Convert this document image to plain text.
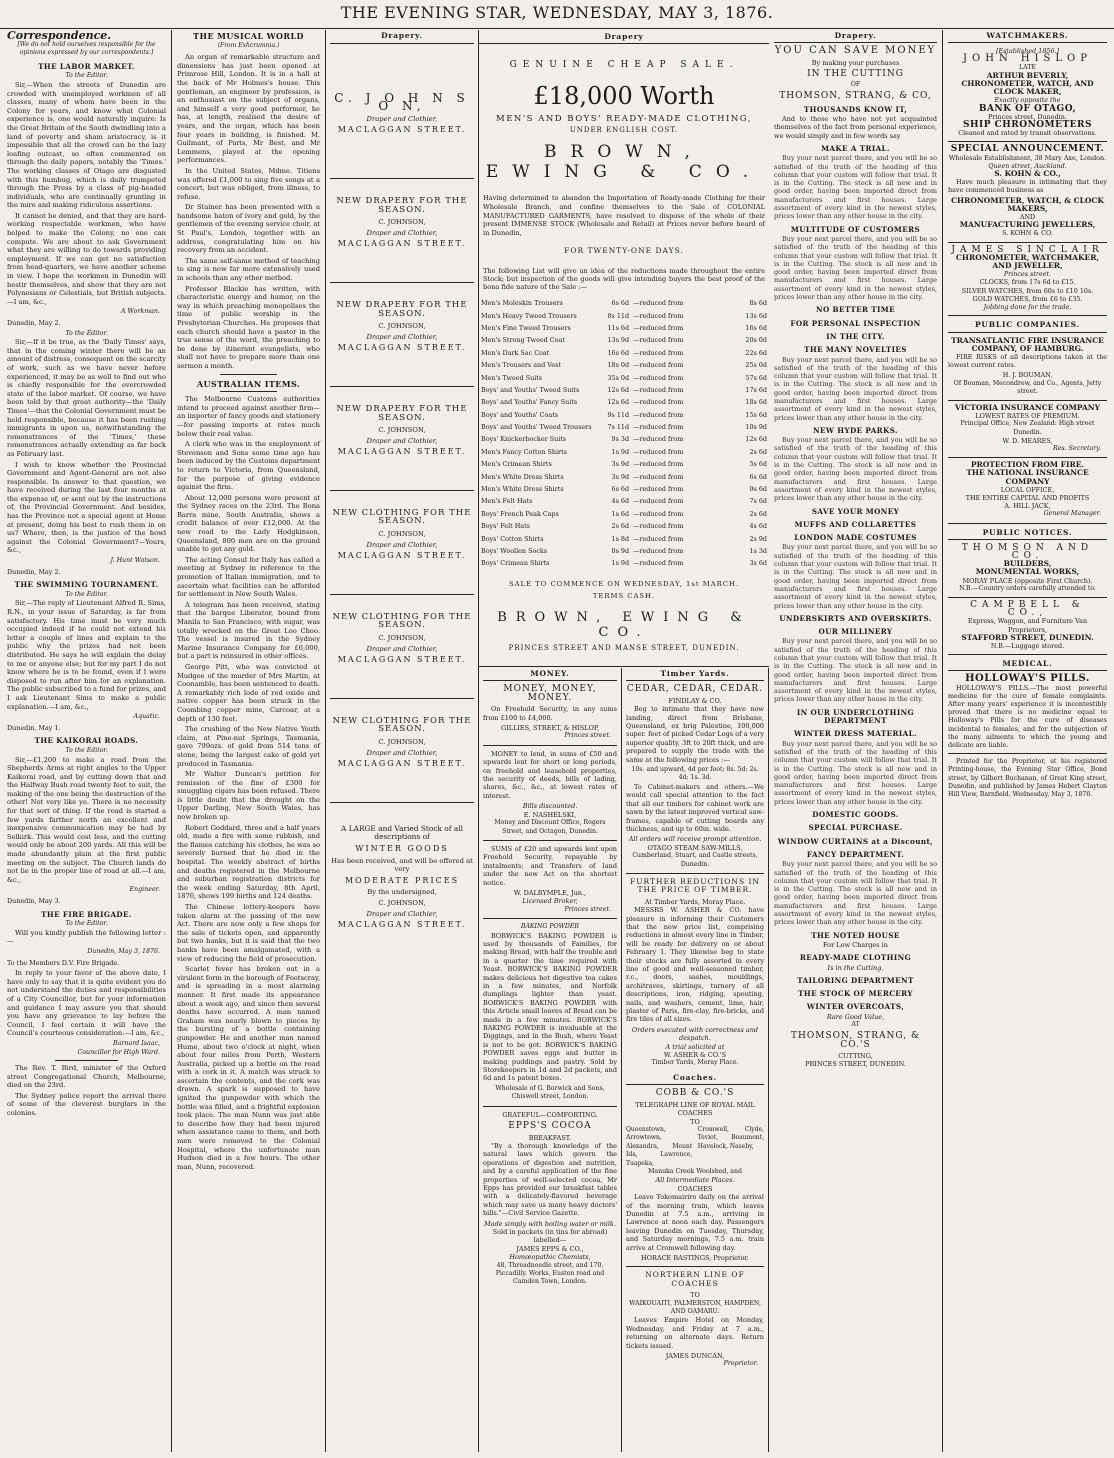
THE EVENING STAR, WEDNESDAY, MAY 3, 1876.
Correspondence.
[We do not hold ourselves responsible for the opinions expressed by our correspondents.]
THE LABOR MARKET.
To the Editor.

Sir,—When the streets of Dunedin are crowded with unemployed workmen of all classes, many of whom have been in the Colony for years, and know what Colonial experience is, one would naturally inquire: Is the Great Britain of the South dwindling into a land of poverty and sham aristocracy, is it impossible that all the crowd can be the lazy loafing outcast, so often commented on through the daily papers, notably the 'Times.' The working classes of Otago are disgusted with this humbug, which is daily trumpeted through the Press by a class of pig-headed individuals, who are continually grunting in the mire and making ridiculous assertions.

It cannot be denied, and that they are hard-working respectable workmen, who have helped to make the Colony, no one can compute. We are about to ask Government what they are willing to do towards providing employment. If we can get no satisfaction from head-quarters, we have another scheme in view. I hope the workmen in Dunedin will bestir themselves, and show that they are not Polynesians or Celestials, but British subjects.—I am, &c.,

A Workman.
Dunedin, May 2.
To the Editor.

Sir,—If it be true, as the 'Daily Times' says, that in the coming winter there will be an amount of distress, consequent on the scarcity of work, such as we have never before experienced, it may be as well to find out who is chiefly responsible for the overcrowded state of the labor market. Of course, we have been told by that great authority—the 'Daily Times'—that the Colonial Government must be held responsible, because it has been rushing immigrants in upon us, notwithstanding the remonstrances of the 'Times,' these remonstrances actually extending as far back as February last.

I wish to know whether the Provincial Government and Agent-General are not also responsible. In answer to that question, we have received during the last four months at the expense of, or sent out by the instructions of, the Provincial Government. And besides, has the Province not a special agent at Home at present, doing his best to rush them in on us? Where, then, is the justice of the howl against the Colonial Government?—Yours, &c.,

J. Hunt Watson.
Dunedin, May 2.
THE SWIMMING TOURNAMENT.
To the Editor.

Sir,—The reply of Lieutenant Alfred R. Sims, R.N., in your issue of Saturday, is far from satisfactory. His time must be very much occupied indeed if he could not extend his letter a couple of lines and explain to the public why the prizes had not been distributed. He says he will explain the delay to me or anyone else; but for my part I do not know where he is to be found, even if I were disposed to run after him for an explanation. The public subscribed to a fund for prizes, and I ask Lieutenant Sims to make a public explanation.—I am, &c.,

Aquatic.
Dunedin, May 1.
THE KAIKORAI ROADS.
To the Editor.

Sir,—£1,200 to make a road from the Shepherds Arms at right angles to the Upper Kaikorai road, and by cutting down that and the Halfway Bush road twenty feet to suit, the making of the one being the destruction of the other! Not very like ye. There is no necessity for that sort of thing. If the road is started a few yards farther north an excellent and inexpensive communication may be had by Selkirk. This would cost less, and the cutting would only be about 200 yards. All this will be made abundantly plain at the first public meeting on the subject. The Church lands do not lie in the proper line of road at all.—I am, &c.,

Engineer.
Dunedin, May 3.
THE FIRE BRIGADE.
To the Editor.

Will you kindly publish the following letter :—

Dunedin, May 3, 1876.
To the Members D.V. Fire Brigade.

In reply to your favor of the above date, I have only to say that it is quite evident you do not understand the duties and responsibilities of a City Councillor, but for your information and guidance I may assure you that should you have any grievance to lay before the Council, I feel certain it will have the Council's courteous consideration.—I am, &c.,

Barnard Isaac,
Councillor for High Ward.

The Rev. T. Bird, minister of the Oxford street Congregational Church, Melbourne, died on the 23rd.

The Sydney police report the arrival there of some of the cleverest burglars in the colonies.

THE MUSICAL WORLD
(From Exhcrumnia.)

An organ of remarkable structure and dimensions has just been opened at Primrose Hill, London. It is in a hall at the back of Mr Holmes's house. This gentleman, an engineer by profession, is an enthusiast on the subject of organs, and himself a very good performer, he has, at length, realised the desire of years, and the organ, which has been four years in building, is finished. M. Guilmant, of Paris, Mr Best, and Mr Lemmens, played at the opening performances.

In the United States, Mdme. Titiens was offered £1,000 to sing five songs at a concert, but was obliged, from illness, to refuse.

Dr Stainer has been presented with a handsome baton of ivory and gold, by the gentlemen of the evening service choir, at St Paul's, London, together with an address, congratulating him on his recovery from an accident.

The same self-same method of teaching to sing is now far more extensively used in schools than any other method.

Professor Blackie has written, with characteristic energy and humor, on the way in which preaching monopolises the time of public worship in the Presbyterian Churches. He proposes that each church should have a pastor in the true sense of the word, the preaching to be done by itinerant evangelists, who shall not have to prepare more than one sermon a month.

AUSTRALIAN ITEMS.

The Melbourne Customs authorities intend to proceed against another firm—an importer of fancy goods and stationery—for passing imports at rates much below their real value.

A clerk who was in the employment of Stevenson and Sons some time ago has been induced by the Customs department to return to Victoria, from Queensland, for the purpose of giving evidence against the firm.

About 12,000 persons were present at the Sydney races on the 23rd. The Bona Barra mine, South Australia, shows a credit balance of over £12,000. At the new road to the Lady Hodgkinson, Queensland, 800 men are on the ground unable to get any gold.

The acting Consul for Italy has called a meeting at Sydney in reference to the promotion of Italian immigration, and to ascertain what facilities can be afforded for settlement in New South Wales.

A telegram has been received, stating that the barque Liberator, bound from Manila to San Francisco, with sugar, was totally wrecked on the Great Loo Choo. The vessel is insured in the Sydney Marine Insurance Company for £6,000, but a part is reinsured in other offices.

George Pitt, who was convicted at Mudgee of the murder of Mrs Martin, at Coonamble, has been sentenced to death. A remarkably rich lode of red oxide and native copper has been struck in the Coombing copper mine, Carcoar, at a depth of 130 feet.

The crushing of the New Native Youth claim, at Pine-nut Springs, Tasmania, gave 799ozs. of gold from 514 tons of stone, being the largest cake of gold yet produced in Tasmania.

Mr Walter Duncan's petition for remission of the fine of £300 for smuggling cigars has been refused. There is little doubt that the drought on the Upper Darling, New South Wales, has now broken up.

Robert Goddard, three and a half years old, made a fire with some rubbish, and the flames catching his clothes, he was so severely burned that he died in the hospital. The weekly abstract of births and deaths registered in the Melbourne and suburban registration districts for the week ending Saturday, 8th April, 1876, shows 199 births and 124 deaths.

The Chinese lottery-keepers have taken alarm at the passing of the new Act. There are now only a few shops for the sale of tickets open, and apparently but two banks, but it is said that the two banks have been amalgamated, with a view of reducing the field of prosecution.

Scarlet fever has broken out in a virulent form in the borough of Footscray, and is spreading in a most alarming manner. It first made its appearance about a week ago, and since then several deaths have occurred. A man named Graham was nearly blown to pieces by the bursting of a bottle containing gunpowder. He and another man named Hume, about two o'clock at night, when about four miles from Perth, Western Australia, picked up a bottle on the road with a cork in it. A match was struck to ascertain the contents, and the cork was drawn. A spark is supposed to have ignited the gunpowder with which the bottle was filled, and a frightful explosion took place. The man Nunn was just able to describe how they had been injured when assistance came to them, and both men were removed to the Colonial Hospital, where the unfortunate man Hudson died in a few hours. The other man, Nunn, recovered.

Drapery.
C. J O H N S O N,
Draper and Clothier,
MACLAGGAN STREET.
NEW DRAPERY FOR THE SEASON.
C. JOHNSON,
Draper and Clothier,
MACLAGGAN STREET.
NEW DRAPERY FOR THE SEASON.
C. JOHNSON,
Draper and Clothier,
MACLAGGAN STREET.
NEW DRAPERY FOR THE SEASON.
C. JOHNSON,
Draper and Clothier,
MACLAGGAN STREET.
NEW CLOTHING FOR THE SEASON.
C. JOHNSON,
Draper and Clothier,
MACLAGGAN STREET.
NEW CLOTHING FOR THE SEASON.
C. JOHNSON,
Draper and Clothier,
MACLAGGAN STREET.
NEW CLOTHING FOR THE SEASON.
C. JOHNSON,
Draper and Clothier,
MACLAGGAN STREET.
A LARGE and Varied Stock of all descriptions of
WINTER GOODS
Has been received, and will be offered at very
MODERATE PRICES
By the undersigned,
C. JOHNSON,
Draper and Clothier,
MACLAGGAN STREET.
Drapery
GENUINE CHEAP SALE.
£18,000 Worth
MEN'S AND BOYS' READY-MADE CLOTHING,
UNDER ENGLISH COST.
BROWN, EWING & CO.
Having determined to abandon the Importation of Ready-made Clothing for their Wholesale Branch, and confine themselves to the Sale of COLONIAL MANUFACTURED GARMENTS, have resolved to dispose of the whole of their present IMMENSE STOCK (Wholesale and Retail) at Prices never before heard of in Dunedin,
FOR TWENTY-ONE DAYS.
The following List will give an idea of the reductions made throughout the entire Stock; but inspection of the goods will give intending buyers the best proof of the bona fide nature of the Sale :—
Men's Moleskin Trousers	6s 6d	—reduced from	8s 6d
Men's Heavy Tweed Trousers	8s 11d	—reduced from	13s 6d
Men's Fine Tweed Trousers	11s 6d	—reduced from	16s 6d
Men's Strong Tweed Coat	13s 9d	—reduced from	20s 0d
Men's Dark Sac Coat	16s 6d	—reduced from	22s 6d
Men's Trousers and Vest	18s 0d	—reduced from	25s 0d
Men's Tweed Suits	35s 0d	—reduced from	57s 6d
Boys' and Youths' Tweed Suits	12s 6d	—reduced from	17s 6d
Boys' and Youths' Fancy Suits	12s 6d	—reduced from	18s 6d
Boys' and Youths' Coats	9s 11d	—reduced from	15s 6d
Boys' and Youths' Tweed Trousers	7s 11d	—reduced from	10s 9d
Boys' Knickerbocker Suits	9s 3d	—reduced from	12s 6d
Men's Fancy Cotton Shirts	1s 9d	—reduced from	2s 6d
Men's Crimean Shirts	3s 9d	—reduced from	5s 6d
Men's White Dress Shirts	3s 9d	—reduced from	6s 6d
Men's White Dress Shirts	6s 6d	—reduced from	9s 6d
Men's Felt Hats	4s 6d	—reduced from	7s 6d
Boys' French Peak Caps	1s 6d	—reduced from	2s 6d
Boys' Felt Hats	2s 6d	—reduced from	4s 6d
Boys' Cotton Shirts	1s 8d	—reduced from	2s 9d
Boys' Woollen Socks	0s 9d	—reduced from	1s 3d
Boys' Crimean Shirts	1s 9d	—reduced from	3s 6d
SALE TO COMMENCE ON WEDNESDAY, 1st MARCH.
TERMS CASH.
BROWN, EWING & CO.
PRINCES STREET AND MANSE STREET, DUNEDIN.
MONEY.
MONEY, MONEY, MONEY.

On Freehold Security, in any sums from £100 to £4,000.

GILLIES, STREET, & HISLOP,
Princes street.

MONEY to lend, in sums of £50 and upwards lent for short or long periods, on freehold and leasehold properties, the security of deeds, bills of lading, shares, &c., &c., at lowest rates of interest.

Bills discounted.
E. NASHELSKI,
Money and Discount Office, Rogers Street, and Octagon, Dunedin.

SUMS of £20 and upwards lent upon Freehold Security, repayable by instalments; and Transfers of land under the new Act on the shortest notice.

W. DALRYMPLE, Jun.,
Licensed Broker,
Princes street.
BAKING POWDER

BORWICK'S BAKING POWDER is used by thousands of Families, for making Bread, with half the trouble and in a quarter the time required with Yeast. BORWICK'S BAKING POWDER makes delicious hot digestive tea cakes in a few minutes, and Norfolk dumplings lighter than yeast. BORWICK'S BAKING POWDER with this Article small loaves of Bread can be made in a few minutes. BORWICK'S BAKING POWDER is invaluable at the Diggings, and in the Bush, where Yeast is not to be got. BORWICK'S BAKING POWDER saves eggs and butter in making puddings and pastry. Sold by Storekeepers in 1d and 2d packets, and 6d and 1s patent boxes.

Wholesale of G. Borwick and Sons, Chiswell street, London.
GRATEFUL—COMFORTING.
EPPS'S COCOA
BREAKFAST.

"By a thorough knowledge of the natural laws which govern the operations of digestion and nutrition, and by a careful application of the fine properties of well-selected cocoa, Mr Epps has provided our breakfast tables with a delicately-flavored beverage which may save us many heavy doctors' bills."—Civil Service Gazette.

Made simply with boiling water or milk.
Sold in packets (in tins for abroad) labelled—
JAMES EPPS & CO.,
Homœopathic Chemists,
48, Threadneedle street, and 170, Piccadilly. Works, Euston road and Camden Town, London.
Timber Yards.
CEDAR, CEDAR, CEDAR.
FINDLAY & CO.

Beg to intimate that they have now landing, direct from Brisbane, Queensland, ex brig Palestine, 100,000 super. feet of picked Cedar Logs of a very superior quality, 3ft to 20ft thick, and are prepared to supply the trade with the same at the following prices :—

10s. and upward, 4d per foot; 8s. 5d; 2s. 4d; 1s. 3d.

To Cabinet-makers and others.—We would call special attention to the fact that all our timbers for cabinet work are sawn by the latest improved vertical saw-frames, capable of cutting boards any thickness, and up to 60in. wide.

All orders will receive prompt attention.
OTAGO STEAM SAW-MILLS,
Cumberland, Stuart, and Castle streets, Dunedin.
FURTHER REDUCTIONS IN THE PRICE OF TIMBER.
At Timber Yards, Moray Place.

MESSRS W. ASHER & CO. have pleasure in informing their Customers that the new price list, comprising reductions in almost every line in Timber, will be ready for delivery on or about February 1. They likewise beg to state their stocks are fully assorted in every line of good and well-seasoned timber, r.c., doors, sashes, mouldings, architraves, skirtings, turnery of all descriptions, iron, ridging, spouting, nails, and washers, cement, lime, hair, plaster of Paris, fire-clay, fire-bricks, and fire tiles of all sizes.

Orders executed with correctness and despatch.
A trial solicited at
W. ASHER & CO.'S
Timber Yards, Moray Place.
Coaches.
COBB & CO.'S
TELEGRAPH LINE OF ROYAL MAIL COACHES
TO
Queenstown, Arrowtown, Alexandra, Mount Ida, Lawrence, Tuapeka,
Cromwell, Clyde, Teviot, Beaumont, Havelock, Naseby,
Manuka Creek Woolshed, and
All Intermediate Places.
COACHES

Leave Tokomairiro daily on the arrival of the morning train, which leaves Dunedin at 7.5 a.m., arriving in Lawrence at noon each day. Passengers leaving Dunedin on Tuesday, Thursday, and Saturday mornings, 7.5 a.m. train arrive at Cromwell following day.

HORACE BASTINGS, Proprietor.
NORTHERN LINE OF COACHES
TO
WAIKOUAITI, PALMERSTON, HAMPDEN, AND OAMARU.

Leaves Empire Hotel on Monday, Wednesday, and Friday at 7 a.m., returning on alternate days. Return tickets issued.

JAMES DUNCAN,
Proprietor.
Drapery.
YOU CAN SAVE MONEY
By making your purchases
IN THE CUTTING
OF
THOMSON, STRANG, & CO,
THOUSANDS KNOW IT,

And to those who have not yet acquainted themselves of the fact from personal experience, we would simply and in few words say

MAKE A TRIAL.

Buy your next parcel there, and you will be so satisfied of the truth of the heading of this column that your custom will follow that trial. It is in the Cutting. The stock is all new and in good order, having been imported direct from manufacturers and first houses. Large assortment of every kind in the newest styles, prices lower than any other house in the city.

MULTITUDE OF CUSTOMERS

Buy your next parcel there, and you will be so satisfied of the truth of the heading of this column that your custom will follow that trial. It is in the Cutting. The stock is all new and in good order, having been imported direct from manufacturers and first houses. Large assortment of every kind in the newest styles, prices lower than any other house in the city.

NO BETTER TIME
FOR PERSONAL INSPECTION
IN THE CITY.
THE MANY NOVELTIES

Buy your next parcel there, and you will be so satisfied of the truth of the heading of this column that your custom will follow that trial. It is in the Cutting. The stock is all new and in good order, having been imported direct from manufacturers and first houses. Large assortment of every kind in the newest styles, prices lower than any other house in the city.

NEW HYDE PARKS.

Buy your next parcel there, and you will be so satisfied of the truth of the heading of this column that your custom will follow that trial. It is in the Cutting. The stock is all new and in good order, having been imported direct from manufacturers and first houses. Large assortment of every kind in the newest styles, prices lower than any other house in the city.

SAVE YOUR MONEY
MUFFS AND COLLARETTES
LONDON MADE COSTUMES

Buy your next parcel there, and you will be so satisfied of the truth of the heading of this column that your custom will follow that trial. It is in the Cutting. The stock is all new and in good order, having been imported direct from manufacturers and first houses. Large assortment of every kind in the newest styles, prices lower than any other house in the city.

UNDERSKIRTS AND OVERSKIRTS.
OUR MILLINERY

Buy your next parcel there, and you will be so satisfied of the truth of the heading of this column that your custom will follow that trial. It is in the Cutting. The stock is all new and in good order, having been imported direct from manufacturers and first houses. Large assortment of every kind in the newest styles, prices lower than any other house in the city.

IN OUR UNDERCLOTHING DEPARTMENT
WINTER DRESS MATERIAL.

Buy your next parcel there, and you will be so satisfied of the truth of the heading of this column that your custom will follow that trial. It is in the Cutting. The stock is all new and in good order, having been imported direct from manufacturers and first houses. Large assortment of every kind in the newest styles, prices lower than any other house in the city.

DOMESTIC GOODS.
SPECIAL PURCHASE.
WINDOW CURTAINS at a Discount,
FANCY DEPARTMENT.

Buy your next parcel there, and you will be so satisfied of the truth of the heading of this column that your custom will follow that trial. It is in the Cutting. The stock is all new and in good order, having been imported direct from manufacturers and first houses. Large assortment of every kind in the newest styles, prices lower than any other house in the city.

THE NOTED HOUSE
For Low Charges in
READY-MADE CLOTHING
Is in the Cutting.
TAILORING DEPARTMENT
THE STOCK OF MERCERY
WINTER OVERCOATS,
Rare Good Value,
AT
THOMSON, STRANG, & CO.'S
CUTTING,
PRINCES STREET, DUNEDIN.
WATCHMAKERS.
[Established 1856.]
JOHN HISLOP
LATE
ARTHUR BEVERLY,
CHRONOMETER, WATCH, AND CLOCK MAKER,
Exactly opposite the
BANK OF OTAGO,
Princes street, Dunedin.
SHIP CHRONOMETERS
Cleaned and rated by transit observations.
SPECIAL ANNOUNCEMENT.
Wholesale Establishment, 38 Mary Axe, London.
Queen street, Auckland.
S. KOHN & CO.,

Have much pleasure in intimating that they have commenced business as

CHRONOMETER, WATCH, & CLOCK MAKERS,
AND
MANUFACTURING JEWELLERS,
S. KOHN & CO.
JAMES SINCLAIR
CHRONOMETER, WATCHMAKER, AND JEWELLER,
Princes street.
CLOCKS, from 17s 6d to £15.
SILVER WATCHES, from 60s to £10 10s.
GOLD WATCHES, from £6 to £35.
Jobbing done for the trade.
PUBLIC COMPANIES.
TRANSATLANTIC FIRE INSURANCE COMPANY, OF HAMBURG.

FIRE RISKS of all descriptions taken at the lowest current rates.

H. J. BOUMAN,
Of Bouman, Mecondrew, and Co., Agents, Jetty street.
VICTORIA INSURANCE COMPANY
LOWEST RATES OF PREMIUM.
Principal Office, New Zealand: High street Dunedin.
W. D. MEARES,
Res. Secretary.
PROTECTION FROM FIRE.
THE NATIONAL INSURANCE COMPANY
LOCAL OFFICE,
THE ENTIRE CAPITAL AND PROFITS
A. HILL JACK,
General Manager.
PUBLIC NOTICES.
THOMSON AND CO.
BUILDERS,
MONUMENTAL WORKS,
MORAY PLACE (opposite First Church).
N.B.—Country orders carefully attended to.
CAMPBELL & CO.,
Express, Waggon, and Furniture Van Proprietors,
STAFFORD STREET, DUNEDIN.
N.B.—Luggage stored.
MEDICAL.
HOLLOWAY'S PILLS.

HOLLOWAY'S PILLS.—The most powerful medicine for the cure of female complaints. After many years' experience it is incontestibly proved that there is no medicine equal to Holloway's Pills for the cure of diseases incidental to females, and for the subjection of the many ailments to which the young and delicate are liable.

Printed for the Proprietor, at his registered Printing-house, the Evening Star Office, Bond street, by Gilbert Buchanan, of Great King street, Dunedin, and published by James Hebert Clayton Hill View, Barnfield. Wednesday, May 3, 1876.
